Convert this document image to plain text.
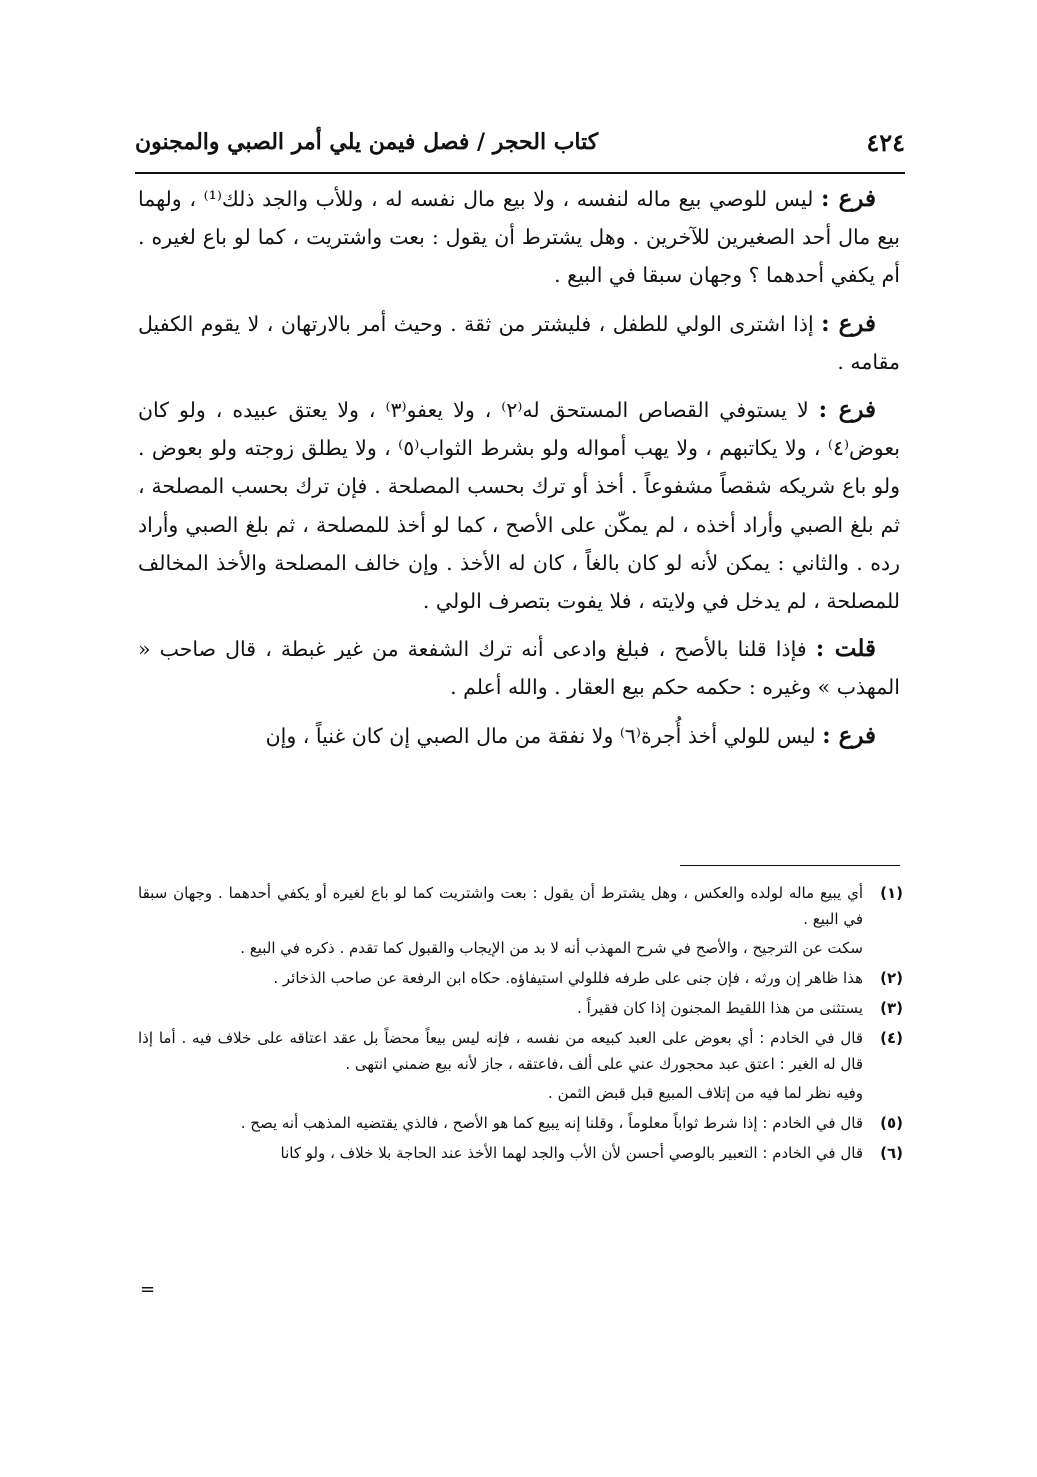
٤٢٤
كتاب الحجر / فصل فيمن يلي أمر الصبي والمجنون

فرع : ليس للوصي بيع ماله لنفسه ، ولا بيع مال نفسه له ، وللأب والجد ذلك⁽¹⁾ ، ولهما بيع مال أحد الصغيرين للآخرين . وهل يشترط أن يقول : بعت واشتريت ، كما لو باع لغيره . أم يكفي أحدهما ؟ وجهان سبقا في البيع .

فرع : إذا اشترى الولي للطفل ، فليشتر من ثقة . وحيث أمر بالارتهان ، لا يقوم الكفيل مقامه .

فرع : لا يستوفي القصاص المستحق له⁽٢⁾ ، ولا يعفو⁽٣⁾ ، ولا يعتق عبيده ، ولو كان بعوض⁽٤⁾ ، ولا يكاتبهم ، ولا يهب أمواله ولو بشرط الثواب⁽٥⁾ ، ولا يطلق زوجته ولو بعوض . ولو باع شريكه شقصاً مشفوعاً . أخذ أو ترك بحسب المصلحة . فإن ترك بحسب المصلحة ، ثم بلغ الصبي وأراد أخذه ، لم يمكّن على الأصح ، كما لو أخذ للمصلحة ، ثم بلغ الصبي وأراد رده . والثاني : يمكن لأنه لو كان بالغاً ، كان له الأخذ . وإن خالف المصلحة والأخذ المخالف للمصلحة ، لم يدخل في ولايته ، فلا يفوت بتصرف الولي .

قلت : فإذا قلنا بالأصح ، فبلغ وادعى أنه ترك الشفعة من غير غبطة ، قال صاحب « المهذب » وغيره : حكمه حكم بيع العقار . والله أعلم .

فرع : ليس للولي أخذ أُجرة⁽٦⁾ ولا نفقة من مال الصبي إن كان غنياً ، وإن

(١)

أي يبيع ماله لولده والعكس ، وهل يشترط أن يقول : بعت واشتريت كما لو باع لغيره أو يكفي أحدهما . وجهان سبقا في البيع .

سكت عن الترجيح ، والأصح في شرح المهذب أنه لا بد من الإيجاب والقبول كما تقدم . ذكره في البيع .

(٢)

هذا ظاهر إن ورثه ، فإن جنى على طرفه فللولي استيفاؤه. حكاه ابن الرفعة عن صاحب الذخائر .

(٣)

يستثنى من هذا اللقيط المجنون إذا كان فقيراً .

(٤)

قال في الخادم : أي بعوض على العبد كبيعه من نفسه ، فإنه ليس بيعاً محضاً بل عقد اعتاقه على خلاف فيه . أما إذا قال له الغير : اعتق عبد محجورك عني على ألف ،فاعتقه ، جاز لأنه بيع ضمني انتهى .

وفيه نظر لما فيه من إتلاف المبيع قبل قبض الثمن .

(٥)

قال في الخادم : إذا شرط ثواباً معلوماً ، وقلنا إنه يبيع كما هو الأصح ، فالذي يقتضيه المذهب أنه يصح .

(٦)

قال في الخادم : التعبير بالوصي أحسن لأن الأب والجد لهما الأخذ عند الحاجة بلا خلاف ، ولو كانا

=
